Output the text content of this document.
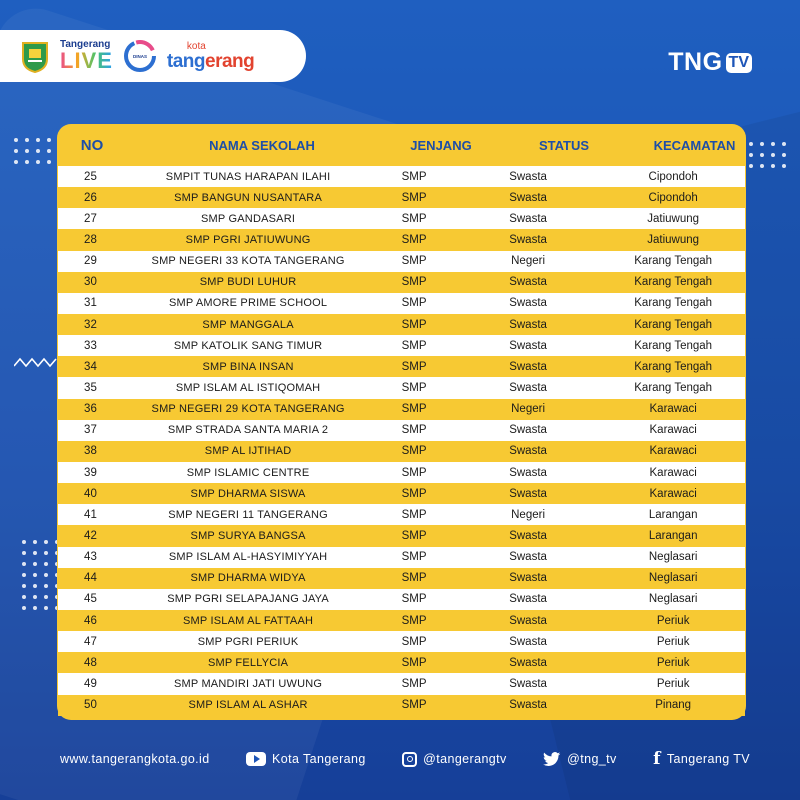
Tangerang
LIVE	DINAS
kota
tangerang	TNG TV
NO	NAMA SEKOLAH	JENJANG	STATUS	KECAMATAN
25	SMPIT TUNAS HARAPAN ILAHI	SMP	Swasta	Cipondoh
26	SMP BANGUN NUSANTARA	SMP	Swasta	Cipondoh
27	SMP GANDASARI	SMP	Swasta	Jatiuwung
28	SMP PGRI JATIUWUNG	SMP	Swasta	Jatiuwung
29	SMP NEGERI 33 KOTA TANGERANG	SMP	Negeri	Karang Tengah
30	SMP BUDI LUHUR	SMP	Swasta	Karang Tengah
31	SMP AMORE PRIME SCHOOL	SMP	Swasta	Karang Tengah
32	SMP MANGGALA	SMP	Swasta	Karang Tengah
33	SMP KATOLIK SANG TIMUR	SMP	Swasta	Karang Tengah
34	SMP BINA INSAN	SMP	Swasta	Karang Tengah
35	SMP ISLAM AL ISTIQOMAH	SMP	Swasta	Karang Tengah
36	SMP NEGERI 29 KOTA TANGERANG	SMP	Negeri	Karawaci
37	SMP STRADA SANTA MARIA 2	SMP	Swasta	Karawaci
38	SMP AL IJTIHAD	SMP	Swasta	Karawaci
39	SMP ISLAMIC CENTRE	SMP	Swasta	Karawaci
40	SMP DHARMA SISWA	SMP	Swasta	Karawaci
41	SMP NEGERI 11 TANGERANG	SMP	Negeri	Larangan
42	SMP SURYA BANGSA	SMP	Swasta	Larangan
43	SMP ISLAM AL-HASYIMIYYAH	SMP	Swasta	Neglasari
44	SMP DHARMA WIDYA	SMP	Swasta	Neglasari
45	SMP PGRI SELAPAJANG JAYA	SMP	Swasta	Neglasari
46	SMP ISLAM AL FATTAAH	SMP	Swasta	Periuk
47	SMP PGRI PERIUK	SMP	Swasta	Periuk
48	SMP FELLYCIA	SMP	Swasta	Periuk
49	SMP MANDIRI JATI UWUNG	SMP	Swasta	Periuk
50	SMP ISLAM AL ASHAR	SMP	Swasta	Pinang
www.tangerangkota.go.id	Kota Tangerang	@tangerangtv	@tng_tv f Tangerang TV
